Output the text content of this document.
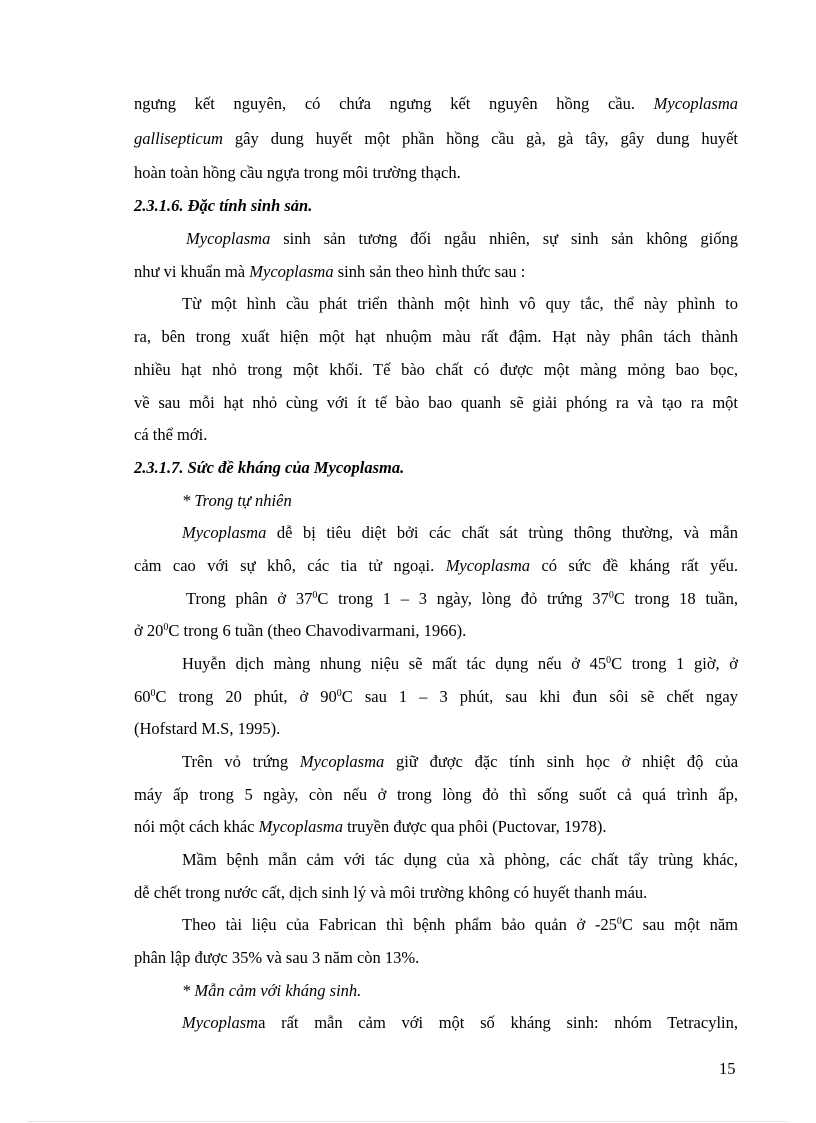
ngưng kết nguyên, có chứa ngưng kết nguyên hồng cầu. Mycoplasma
gallisepticum gây dung huyết một phần hồng cầu gà, gà tây, gây dung huyết
hoàn toàn hồng cầu ngựa trong môi trường thạch.
2.3.1.6. Đặc tính sinh sản.
Mycoplasma sinh sản tương đối ngẫu nhiên, sự sinh sản không giống
như vi khuẩn mà Mycoplasma sinh sản theo hình thức sau :
Từ một hình cầu phát triển thành một hình vô quy tắc, thể này phình to
ra, bên trong xuất hiện một hạt nhuộm màu rất đậm. Hạt này phân tách thành
nhiều hạt nhỏ trong một khối. Tế bào chất có được một màng mỏng bao bọc,
về sau mỗi hạt nhỏ cùng với ít tế bào bao quanh sẽ giải phóng ra và tạo ra một
cá thể mới.
2.3.1.7. Sức đề kháng của Mycoplasma.
* Trong tự nhiên
Mycoplasma dễ bị tiêu diệt bởi các chất sát trùng thông thường, và mẫn
cảm cao với sự khô, các tia tử ngoại. Mycoplasma có sức đề kháng rất yếu.
Trong phân ở $37^0C$ trong 1 – 3 ngày, lòng đỏ trứng $37^0C$ trong 18 tuần,
ở $20^0C$ trong 6 tuần (theo Chavodivarmani, 1966).
Huyễn dịch màng nhung niệu sẽ mất tác dụng nếu ở $45^0C$ trong 1 giờ, ở
$60^0C$ trong 20 phút, ở $90^0C$ sau 1 – 3 phút, sau khi đun sôi sẽ chết ngay
(Hofstard M.S, 1995).
Trên vỏ trứng Mycoplasma giữ được đặc tính sinh học ở nhiệt độ của
máy ấp trong 5 ngày, còn nếu ở trong lòng đỏ thì sống suốt cả quá trình ấp,
nói một cách khác Mycoplasma truyền được qua phôi (Puctovar, 1978).
Mầm bệnh mẫn cảm với tác dụng của xà phòng, các chất tẩy trùng khác,
dễ chết trong nước cất, dịch sinh lý và môi trường không có huyết thanh máu.
Theo tài liệu của Fabrican thì bệnh phẩm bảo quản ở $-25^0C$ sau một năm
phân lập được 35% và sau 3 năm còn 13%.
* Mẫn cảm với kháng sinh.
Mycoplasma rất mẫn cảm với một số kháng sinh: nhóm Tetracylin,
15
